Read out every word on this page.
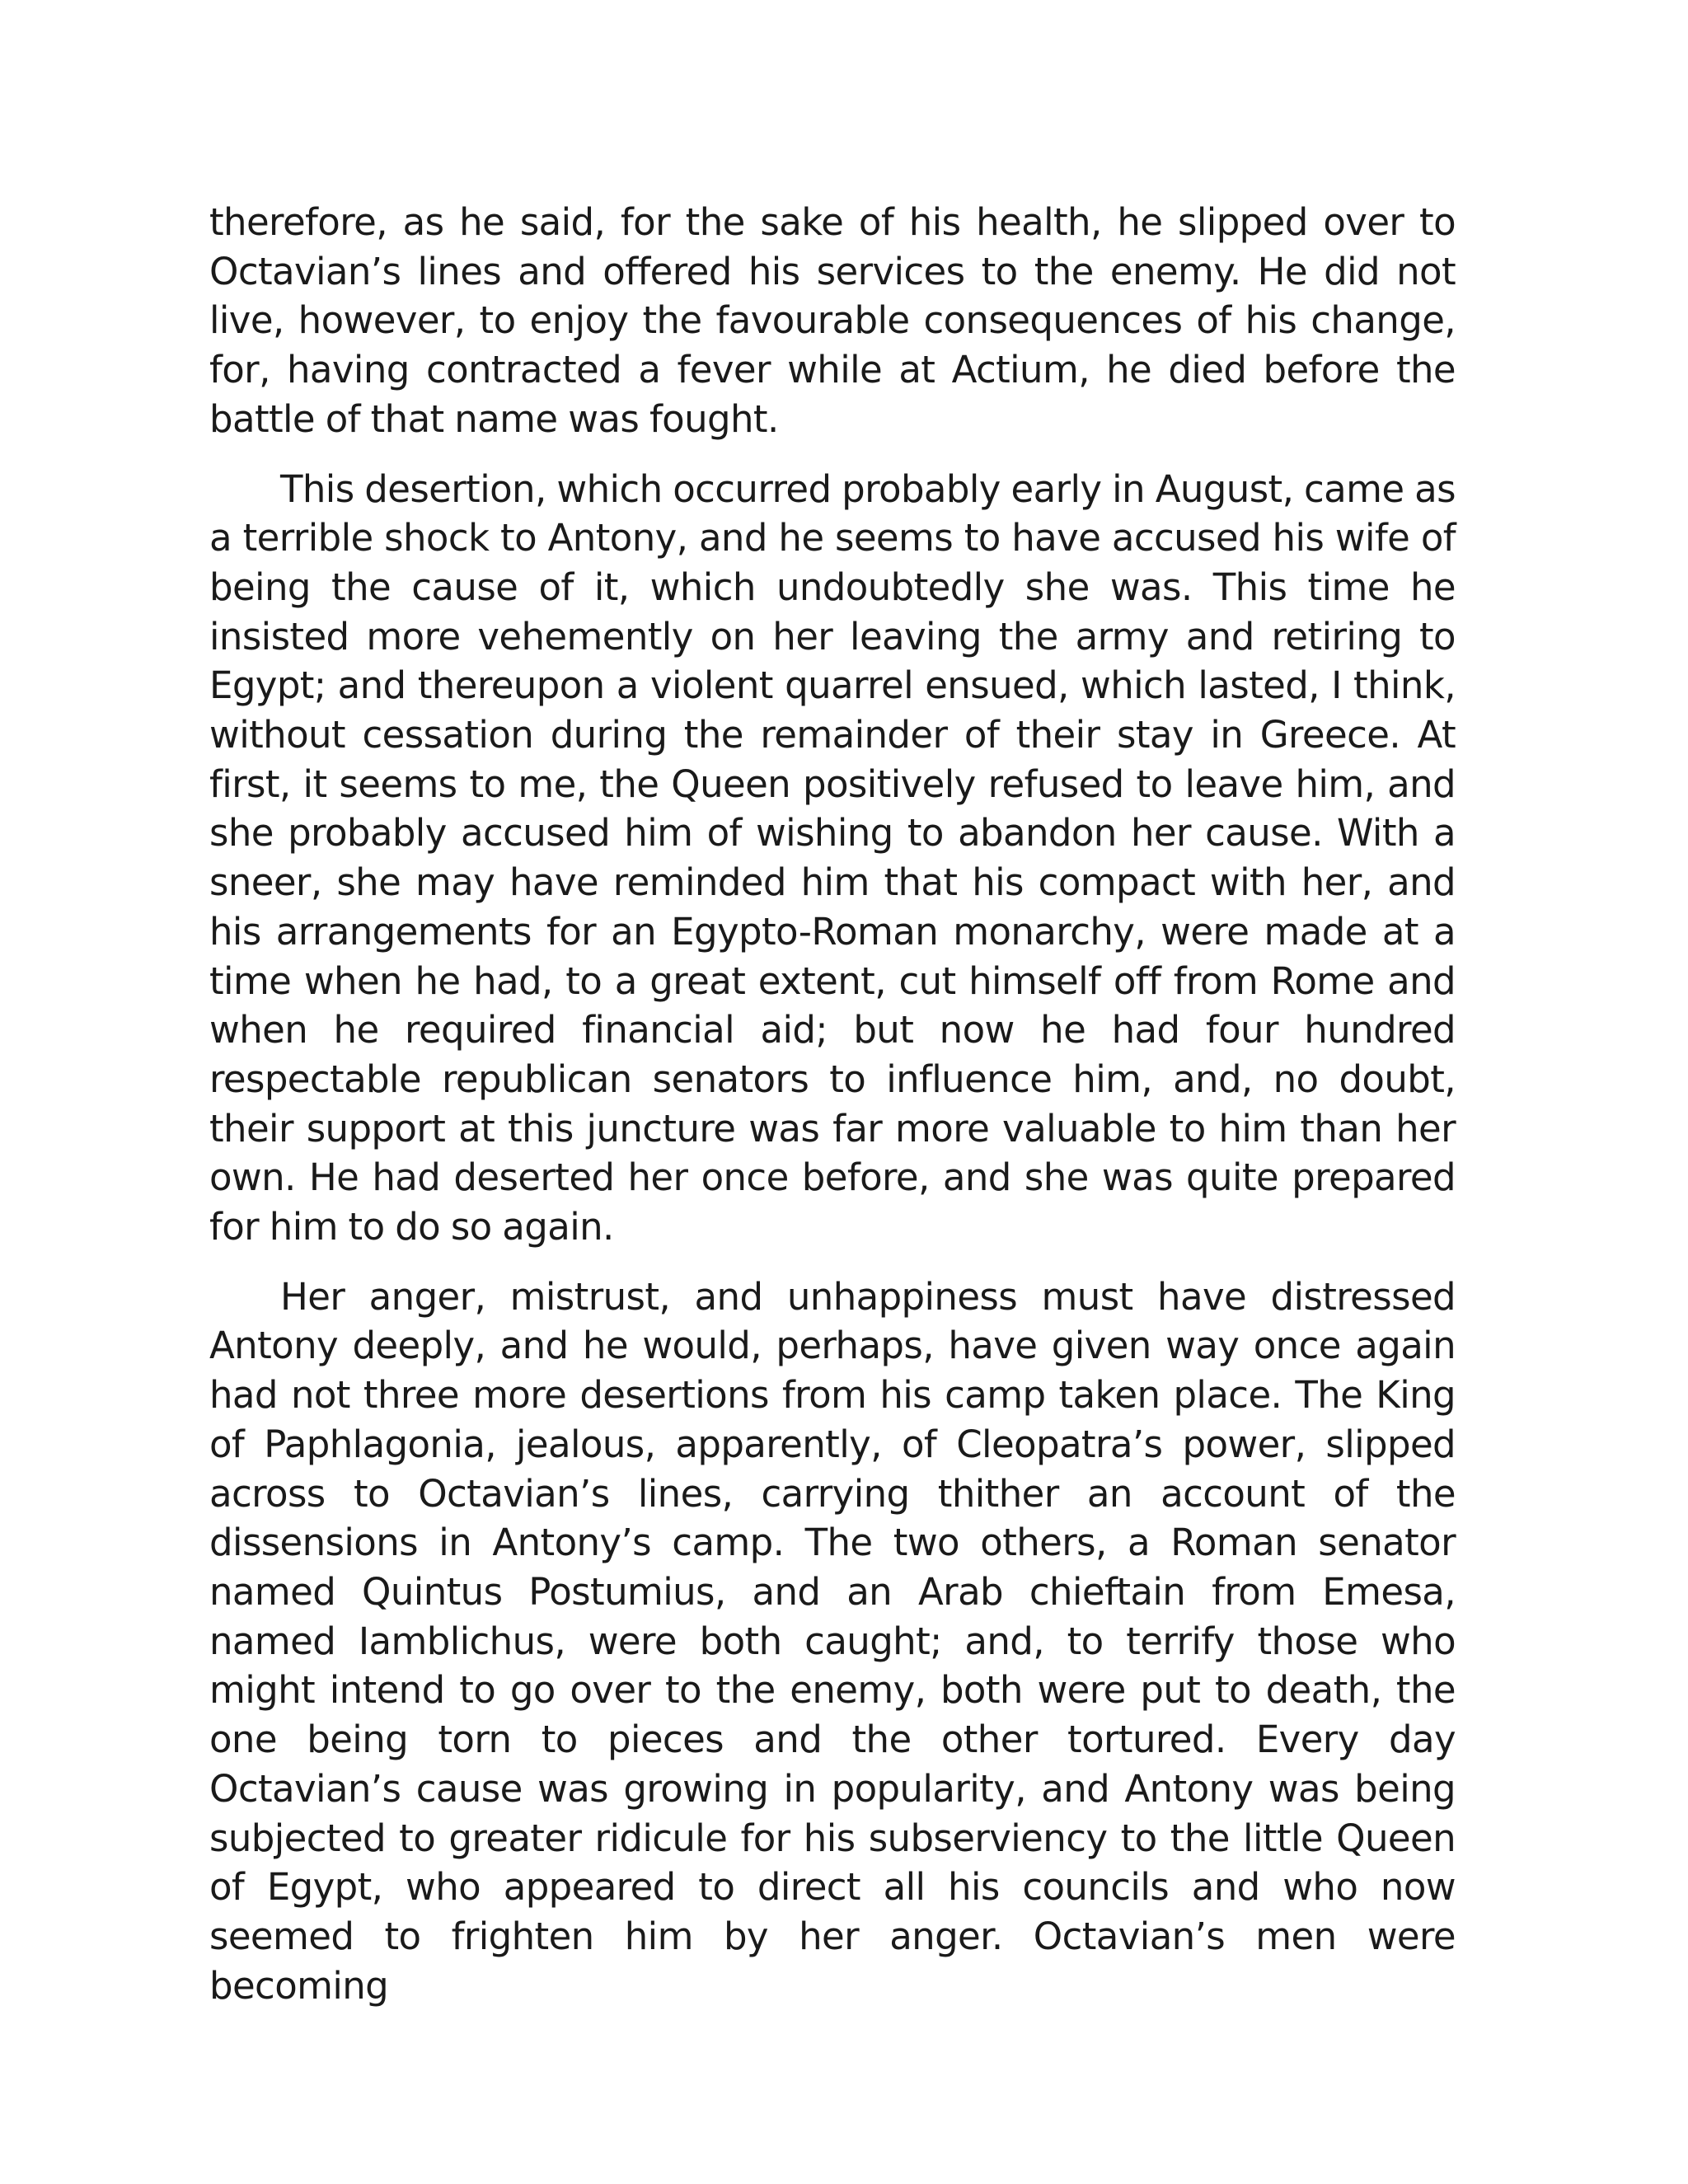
therefore, as he said, for the sake of his health, he slipped over to Octavian’s lines and offered his services to the enemy. He did not live, however, to enjoy the favourable consequences of his change, for, having contracted a fever while at Actium, he died before the battle of that name was fought.

This desertion, which occurred probably early in August, came as a terrible shock to Antony, and he seems to have accused his wife of being the cause of it, which undoubtedly she was. This time he insisted more vehemently on her leaving the army and retiring to Egypt; and thereupon a violent quarrel ensued, which lasted, I think, without cessation during the remainder of their stay in Greece. At first, it seems to me, the Queen positively refused to leave him, and she probably accused him of wishing to abandon her cause. With a sneer, she may have reminded him that his compact with her, and his arrangements for an Egypto-Roman monarchy, were made at a time when he had, to a great extent, cut himself off from Rome and when he required financial aid; but now he had four hundred respectable republican senators to influence him, and, no doubt, their support at this juncture was far more valuable to him than her own. He had deserted her once before, and she was quite prepared for him to do so again.

Her anger, mistrust, and unhappiness must have distressed Antony deeply, and he would, perhaps, have given way once again had not three more desertions from his camp taken place. The King of Paphlagonia, jealous, apparently, of Cleopatra’s power, slipped across to Octavian’s lines, carrying thither an account of the dissensions in Antony’s camp. The two others, a Roman senator named Quintus Postumius, and an Arab chieftain from Emesa, named Iamblichus, were both caught; and, to terrify those who might intend to go over to the enemy, both were put to death, the one being torn to pieces and the other tortured. Every day Octavian’s cause was growing in popularity, and Antony was being subjected to greater ridicule for his subserviency to the little Queen of Egypt, who appeared to direct all his councils and who now seemed to frighten him by her anger. Octavian’s men were becoming
